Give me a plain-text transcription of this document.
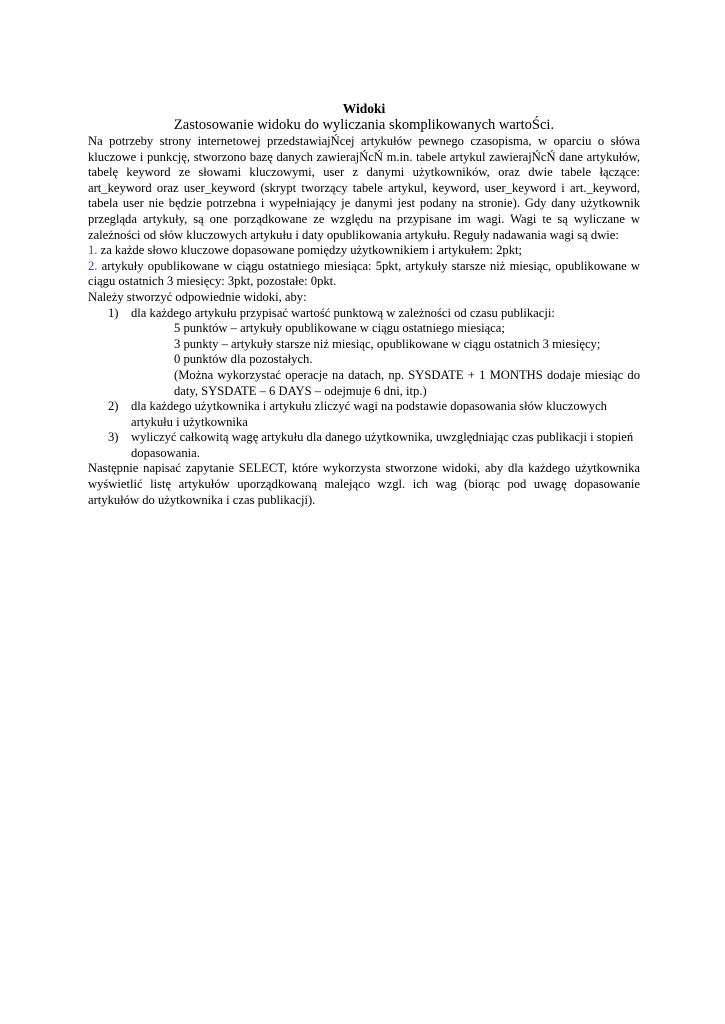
Widoki

Zastosowanie widoku do wyliczania skomplikowanych wartoŚci.

Na potrzeby strony internetowej przedstawiajŃcej artykułów pewnego czasopisma, w oparciu o słówa kluczowe i punkcję, stworzono bazę danych zawierajŃcŃ m.in. tabele artykul zawierajŃcŃ dane artykułów, tabelę keyword ze słowami kluczowymi, user z danymi użytkowników, oraz dwie tabele łączące: art_keyword oraz user_keyword (skrypt tworzący tabele artykul, keyword, user_keyword i art._keyword, tabela user nie będzie potrzebna i wypełniający je danymi jest podany na stronie). Gdy dany użytkownik przegląda artykuły, są one porządkowane ze względu na przypisane im wagi. Wagi te są wyliczane w zależności od słów kluczowych artykułu i daty opublikowania artykułu. Reguły nadawania wagi są dwie:

1. za każde słowo kluczowe dopasowane pomiędzy użytkownikiem i artykułem: 2pkt;

2. artykuły opublikowane w ciągu ostatniego miesiąca: 5pkt, artykuły starsze niż miesiąc, opublikowane w ciągu ostatnich 3 miesięcy: 3pkt, pozostałe: 0pkt.

Należy stworzyć odpowiednie widoki, aby:

1) dla każdego artykułu przypisać wartość punktową w zależności od czasu publikacji:
5 punktów – artykuły opublikowane w ciągu ostatniego miesiąca;
3 punkty – artykuły starsze niż miesiąc, opublikowane w ciągu ostatnich 3 miesięcy;
0 punktów dla pozostałych.
(Można wykorzystać operacje na datach, np. SYSDATE + 1 MONTHS dodaje miesiąc do daty, SYSDATE – 6 DAYS – odejmuje 6 dni, itp.)
2) dla każdego użytkownika i artykułu zliczyć wagi na podstawie dopasowania słów kluczowych artykułu i użytkownika
3) wyliczyć całkowitą wagę artykułu dla danego użytkownika, uwzględniając czas publikacji i stopień dopasowania.

Następnie napisać zapytanie SELECT, które wykorzysta stworzone widoki, aby dla każdego użytkownika wyświetlić listę artykułów uporządkowaną malejąco wzgl. ich wag (biorąc pod uwagę dopasowanie artykułów do użytkownika i czas publikacji).
